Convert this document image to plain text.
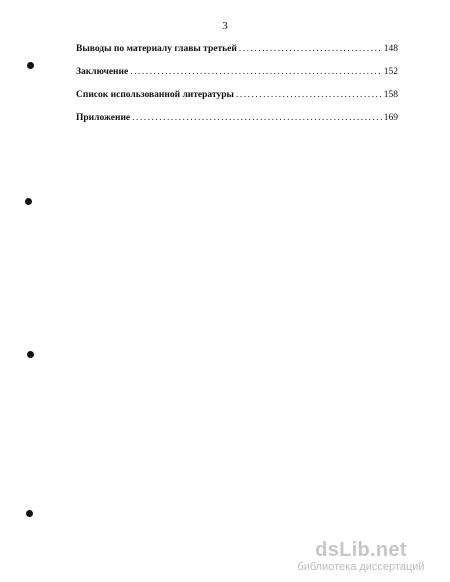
3
Выводы по материалу главы третьей .....	148
Заключение .....	152
Список использованной литературы .....	158
Приложение .....	169
dsLib.net
библиотека диссертаций
